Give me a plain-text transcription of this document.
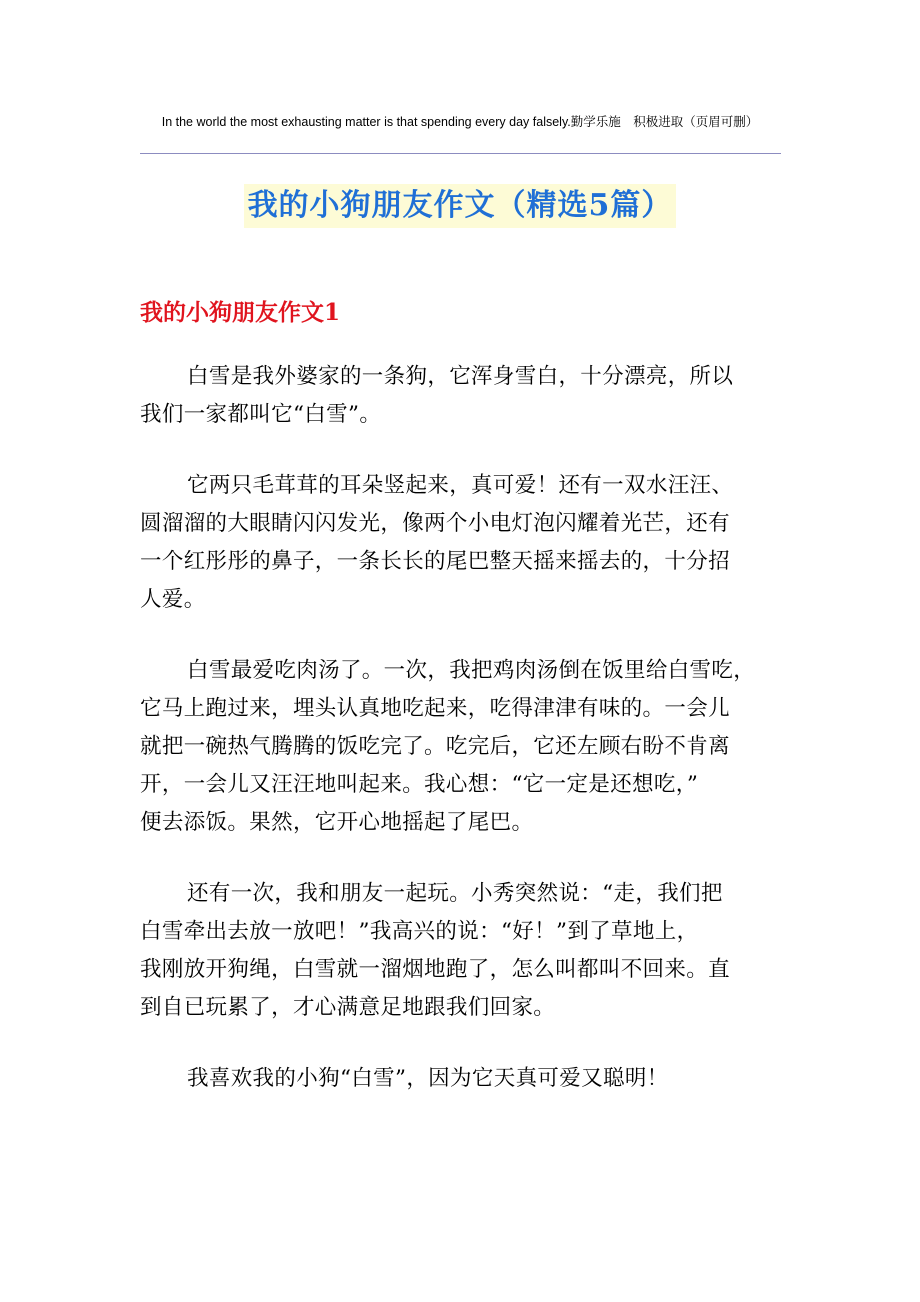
In the world the most exhausting matter is that spending every day falsely.勤学乐施　积极进取（页眉可删）
我的小狗朋友作文（精选5篇）
我的小狗朋友作文1

白雪是我外婆家的一条狗，它浑身雪白，十分漂亮，所以
我们一家都叫它“白雪”。

它两只毛茸茸的耳朵竖起来，真可爱！还有一双水汪汪、
圆溜溜的大眼睛闪闪发光，像两个小电灯泡闪耀着光芒，还有
一个红彤彤的鼻子，一条长长的尾巴整天摇来摇去的，十分招
人爱。

白雪最爱吃肉汤了。一次，我把鸡肉汤倒在饭里给白雪吃，
它马上跑过来，埋头认真地吃起来，吃得津津有味的。一会儿
就把一碗热气腾腾的饭吃完了。吃完后，它还左顾右盼不肯离
开，一会儿又汪汪地叫起来。我心想：“它一定是还想吃，”
便去添饭。果然，它开心地摇起了尾巴。

还有一次，我和朋友一起玩。小秀突然说：“走，我们把
白雪牵出去放一放吧！”我高兴的说：“好！”到了草地上，
我刚放开狗绳，白雪就一溜烟地跑了，怎么叫都叫不回来。直
到自已玩累了，才心满意足地跟我们回家。

我喜欢我的小狗“白雪”，因为它天真可爱又聪明！
